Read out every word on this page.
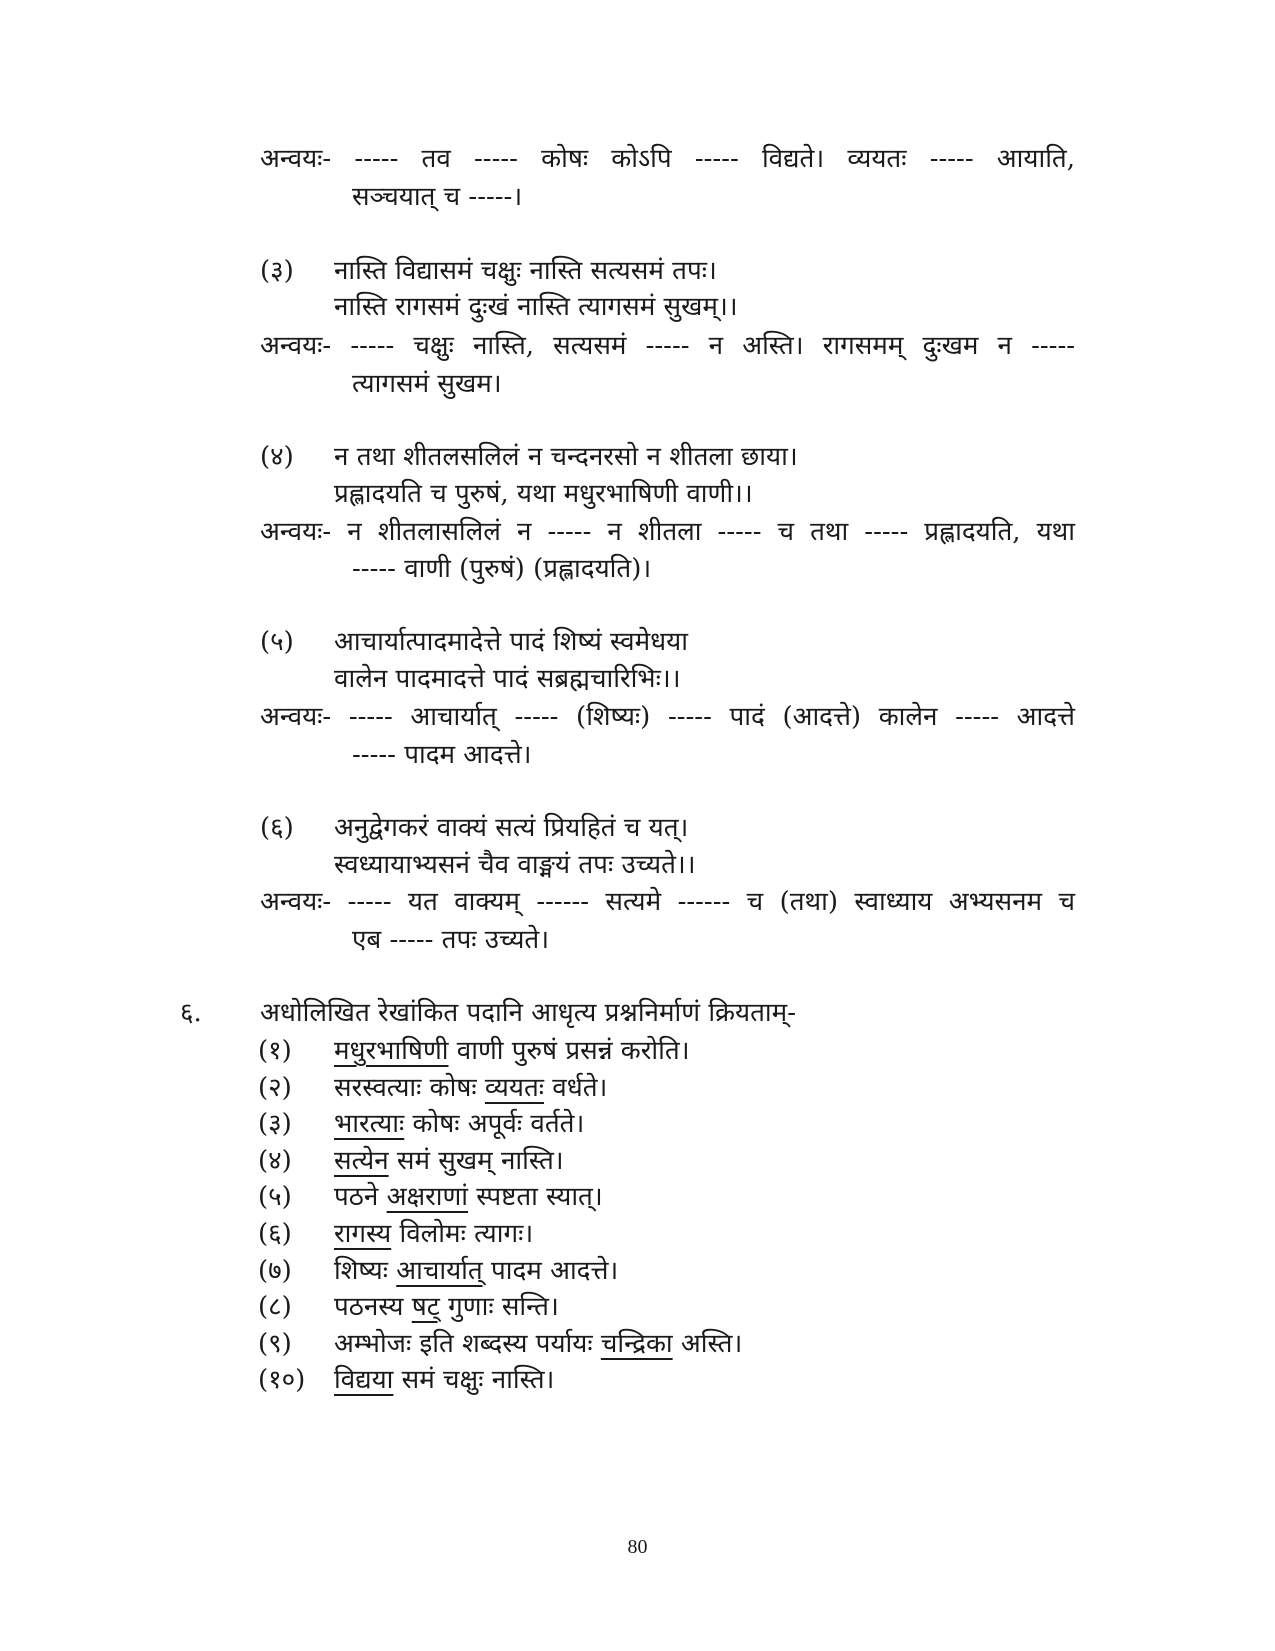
अन्वयः- ----- तव ----- कोषः कोऽपि ----- विद्यते। व्ययतः ----- आयाति,
सञ्चयात् च -----।
(३) नास्ति विद्यासमं चक्षुः नास्ति सत्यसमं तपः।
नास्ति रागसमं दुःखं नास्ति त्यागसमं सुखम्।।
अन्वयः- ----- चक्षुः नास्ति, सत्यसमं ----- न अस्ति। रागसमम् दुःखम न -----
त्यागसमं सुखम।
(४) न तथा शीतलसलिलं न चन्दनरसो न शीतला छाया।
प्रह्लादयति च पुरुषं, यथा मधुरभाषिणी वाणी।।
अन्वयः- न शीतलासलिलं न ----- न शीतला ----- च तथा ----- प्रह्लादयति, यथा
----- वाणी (पुरुषं) (प्रह्लादयति)।
(५) आचार्यात्पादमादेत्ते पादं शिष्यं स्वमेधया
वालेन पादमादत्ते पादं सब्रह्मचारिभिः।।
अन्वयः- ----- आचार्यात् ----- (शिष्यः) ----- पादं (आदत्ते) कालेन ----- आदत्ते
----- पादम आदत्ते।
(६) अनुद्वेगकरं वाक्यं सत्यं प्रियहितं च यत्।
स्वध्यायाभ्यसनं चैव वाङ्मयं तपः उच्यते।।
अन्वयः- ----- यत वाक्यम् ------ सत्यमे ------ च (तथा) स्वाध्याय अभ्यसनम च
एब ----- तपः उच्यते।
६. अधोलिखित रेखांकित पदानि आधृत्य प्रश्ननिर्माणं क्रियताम्-
(१) मधुरभाषिणी वाणी पुरुषं प्रसन्नं करोति।
(२) सरस्वत्याः कोषः व्ययतः वर्धते।
(३) भारत्याः कोषः अपूर्वः वर्तते।
(४) सत्येन समं सुखम् नास्ति।
(५) पठने अक्षराणां स्पष्टता स्यात्।
(६) रागस्य विलोमः त्यागः।
(७) शिष्यः आचार्यात् पादम आदत्ते।
(८) पठनस्य षट् गुणाः सन्ति।
(९) अम्भोजः इति शब्दस्य पर्यायः चन्द्रिका अस्ति।
(१०) विद्यया समं चक्षुः नास्ति।
80
